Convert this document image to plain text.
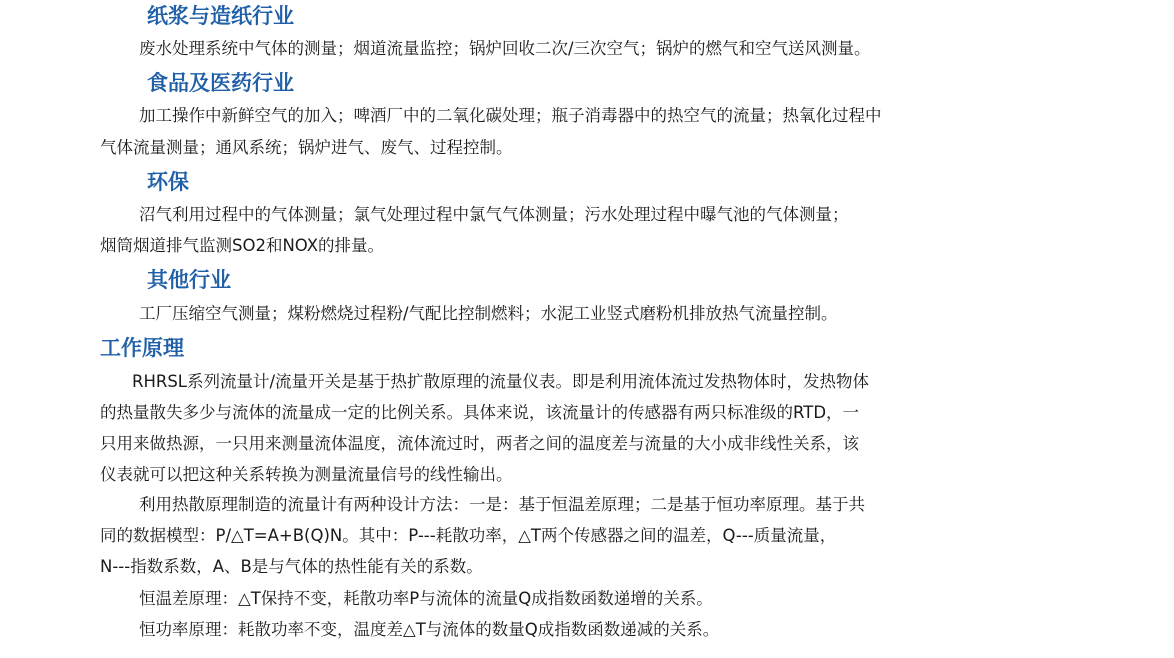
纸浆与造纸行业
废水处理系统中气体的测量；烟道流量监控；锅炉回收二次/三次空气；锅炉的燃气和空气送风测量。
食品及医药行业
加工操作中新鲜空气的加入；啤酒厂中的二氧化碳处理；瓶子消毒器中的热空气的流量；热氧化过程中
气体流量测量；通风系统；锅炉进气、废气、过程控制。
环保
沼气利用过程中的气体测量；氯气处理过程中氯气气体测量；污水处理过程中曝气池的气体测量；
烟筒烟道排气监测SO2和NOX的排量。
其他行业
工厂压缩空气测量；煤粉燃烧过程粉/气配比控制燃料；水泥工业竖式磨粉机排放热气流量控制。
工作原理
RHRSL系列流量计/流量开关是基于热扩散原理的流量仪表。即是利用流体流过发热物体时，发热物体
的热量散失多少与流体的流量成一定的比例关系。具体来说，该流量计的传感器有两只标准级的RTD，一
只用来做热源，一只用来测量流体温度，流体流过时，两者之间的温度差与流量的大小成非线性关系，该
仪表就可以把这种关系转换为测量流量信号的线性输出。
利用热散原理制造的流量计有两种设计方法：一是：基于恒温差原理；二是基于恒功率原理。基于共
同的数据模型：P/△T=A+B(Q)N。其中：P---耗散功率，△T两个传感器之间的温差，Q---质量流量，
N---指数系数，A、B是与气体的热性能有关的系数。
恒温差原理：△T保持不变，耗散功率P与流体的流量Q成指数函数递增的关系。
恒功率原理：耗散功率不变，温度差△T与流体的数量Q成指数函数递减的关系。
